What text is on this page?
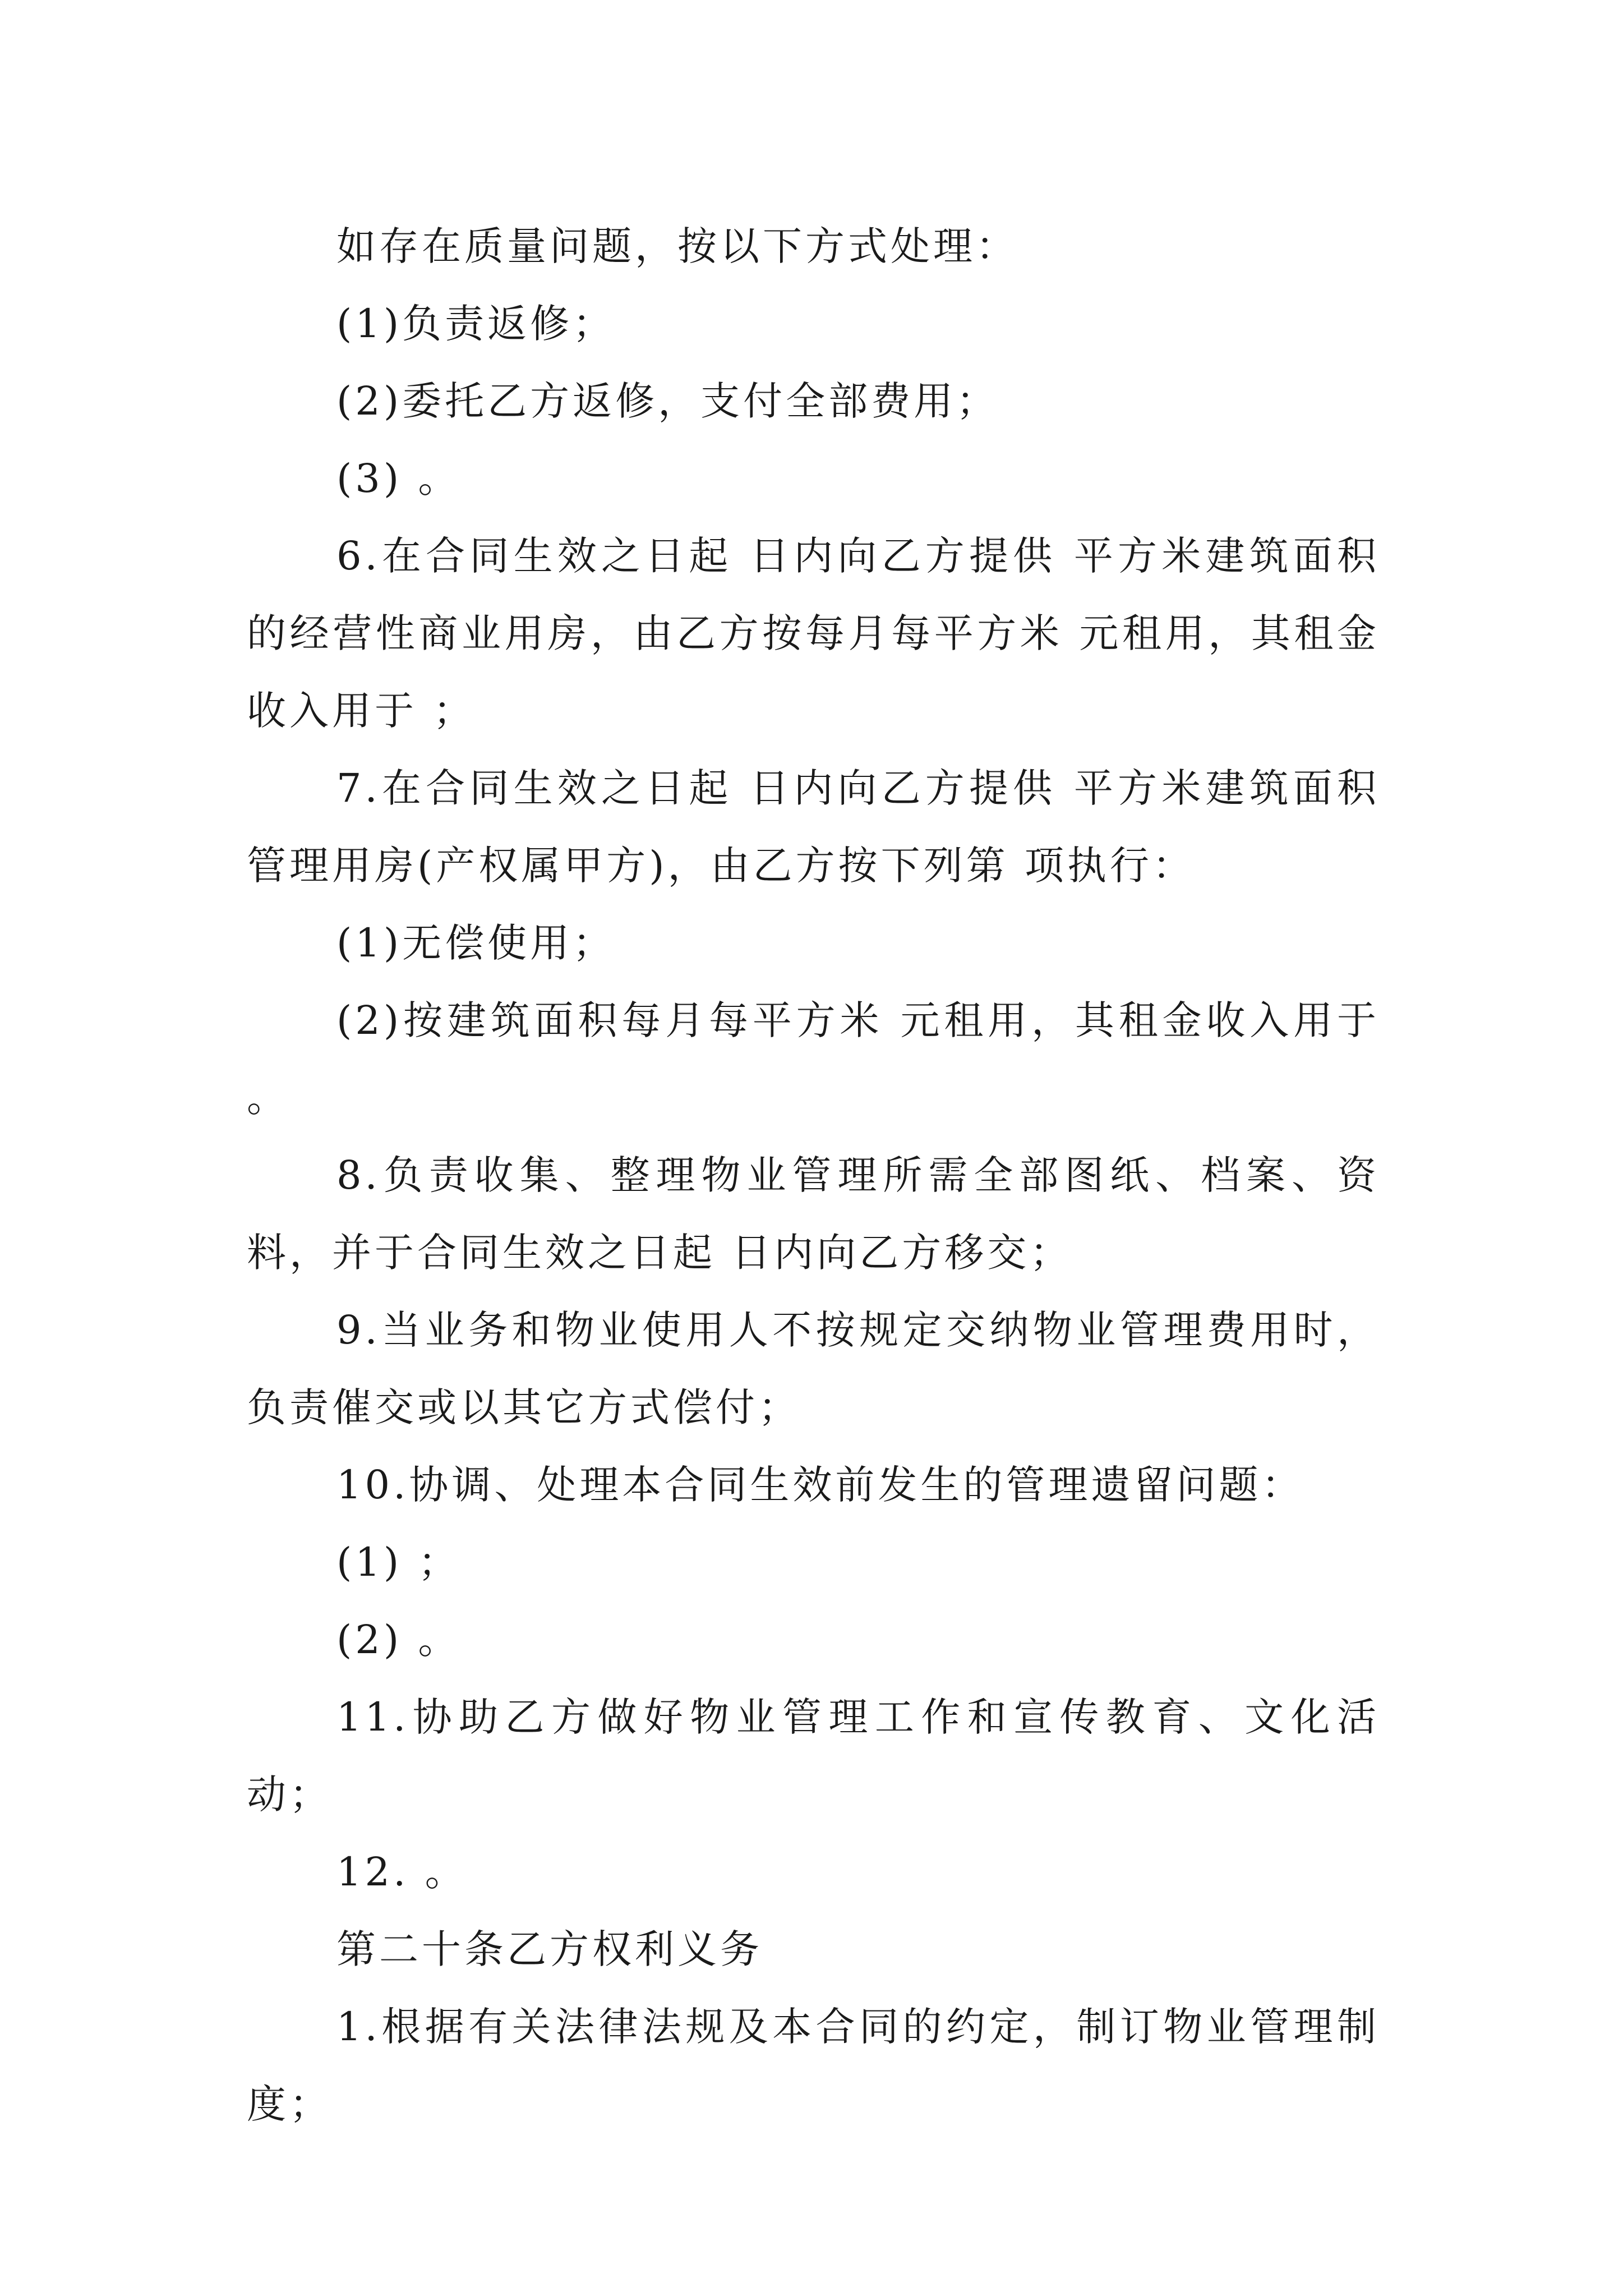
如存在质量问题，按以下方式处理：

(1)负责返修；

(2)委托乙方返修，支付全部费用；

(3) 。

6.在合同生效之日起 日内向乙方提供 平方米建筑面积的经营性商业用房，由乙方按每月每平方米 元租用，其租金收入用于 ；

7.在合同生效之日起 日内向乙方提供 平方米建筑面积管理用房(产权属甲方)，由乙方按下列第 项执行：

(1)无偿使用；

(2)按建筑面积每月每平方米 元租用，其租金收入用于 。

8.负责收集、整理物业管理所需全部图纸、档案、资料，并于合同生效之日起 日内向乙方移交；

9.当业务和物业使用人不按规定交纳物业管理费用时，负责催交或以其它方式偿付；

10.协调、处理本合同生效前发生的管理遗留问题：

(1) ；

(2) 。

11.协助乙方做好物业管理工作和宣传教育、文化活动；

12. 。

第二十条乙方权利义务

1.根据有关法律法规及本合同的约定，制订物业管理制度；
